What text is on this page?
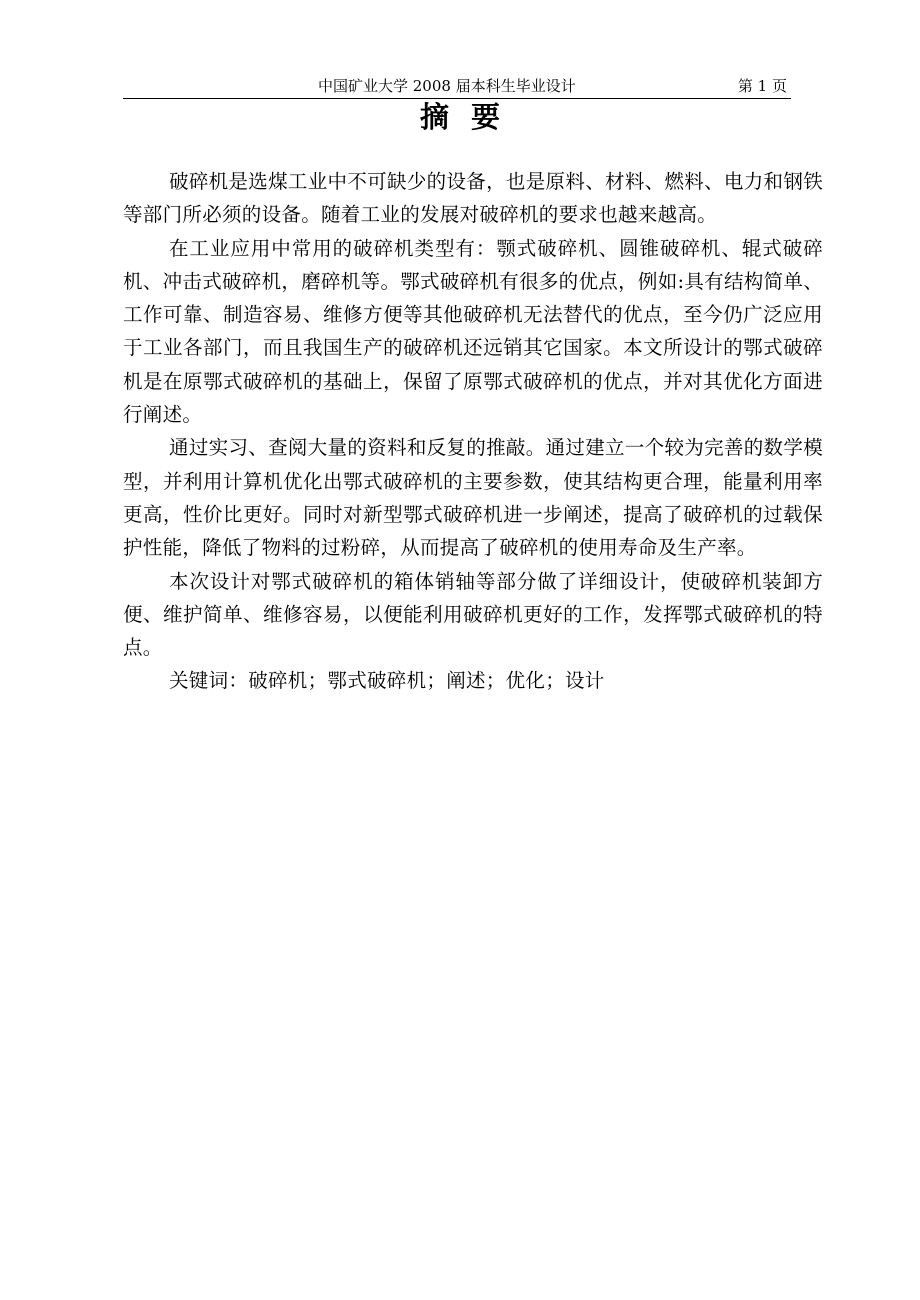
中国矿业大学 2008 届本科生毕业设计	第 1 页
摘要

破碎机是选煤工业中不可缺少的设备，也是原料、材料、燃料、电力和钢铁等部门所必须的设备。随着工业的发展对破碎机的要求也越来越高。

在工业应用中常用的破碎机类型有：颚式破碎机、圆锥破碎机、辊式破碎机、冲击式破碎机，磨碎机等。鄂式破碎机有很多的优点，例如:具有结构简单、工作可靠、制造容易、维修方便等其他破碎机无法替代的优点，至今仍广泛应用于工业各部门，而且我国生产的破碎机还远销其它国家。本文所设计的鄂式破碎机是在原鄂式破碎机的基础上，保留了原鄂式破碎机的优点，并对其优化方面进行阐述。

通过实习、查阅大量的资料和反复的推敲。通过建立一个较为完善的数学模型，并利用计算机优化出鄂式破碎机的主要参数，使其结构更合理，能量利用率更高，性价比更好。同时对新型鄂式破碎机进一步阐述，提高了破碎机的过载保护性能，降低了物料的过粉碎，从而提高了破碎机的使用寿命及生产率。

本次设计对鄂式破碎机的箱体销轴等部分做了详细设计，使破碎机装卸方便、维护简单、维修容易，以便能利用破碎机更好的工作，发挥鄂式破碎机的特点。

关键词：破碎机；鄂式破碎机；阐述；优化；设计
